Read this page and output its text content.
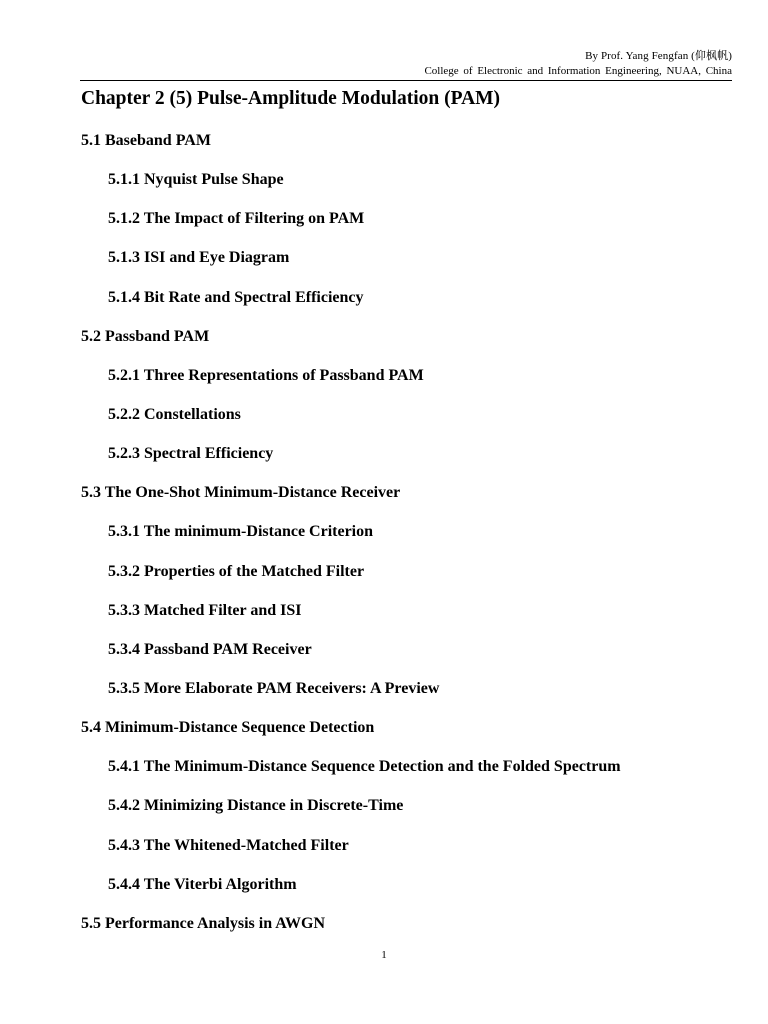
By Prof. Yang Fengfan (仰枫帆)
College of Electronic and Information Engineering, NUAA, China
Chapter 2 (5) Pulse-Amplitude Modulation (PAM)
5.1 Baseband PAM
5.1.1 Nyquist Pulse Shape
5.1.2 The Impact of Filtering on PAM
5.1.3 ISI and Eye Diagram
5.1.4 Bit Rate and Spectral Efficiency
5.2 Passband PAM
5.2.1 Three Representations of Passband PAM
5.2.2 Constellations
5.2.3 Spectral Efficiency
5.3 The One-Shot Minimum-Distance Receiver
5.3.1 The minimum-Distance Criterion
5.3.2 Properties of the Matched Filter
5.3.3 Matched Filter and ISI
5.3.4 Passband PAM Receiver
5.3.5 More Elaborate PAM Receivers: A Preview
5.4 Minimum-Distance Sequence Detection
5.4.1 The Minimum-Distance Sequence Detection and the Folded Spectrum
5.4.2 Minimizing Distance in Discrete-Time
5.4.3 The Whitened-Matched Filter
5.4.4 The Viterbi Algorithm
5.5 Performance Analysis in AWGN
1
